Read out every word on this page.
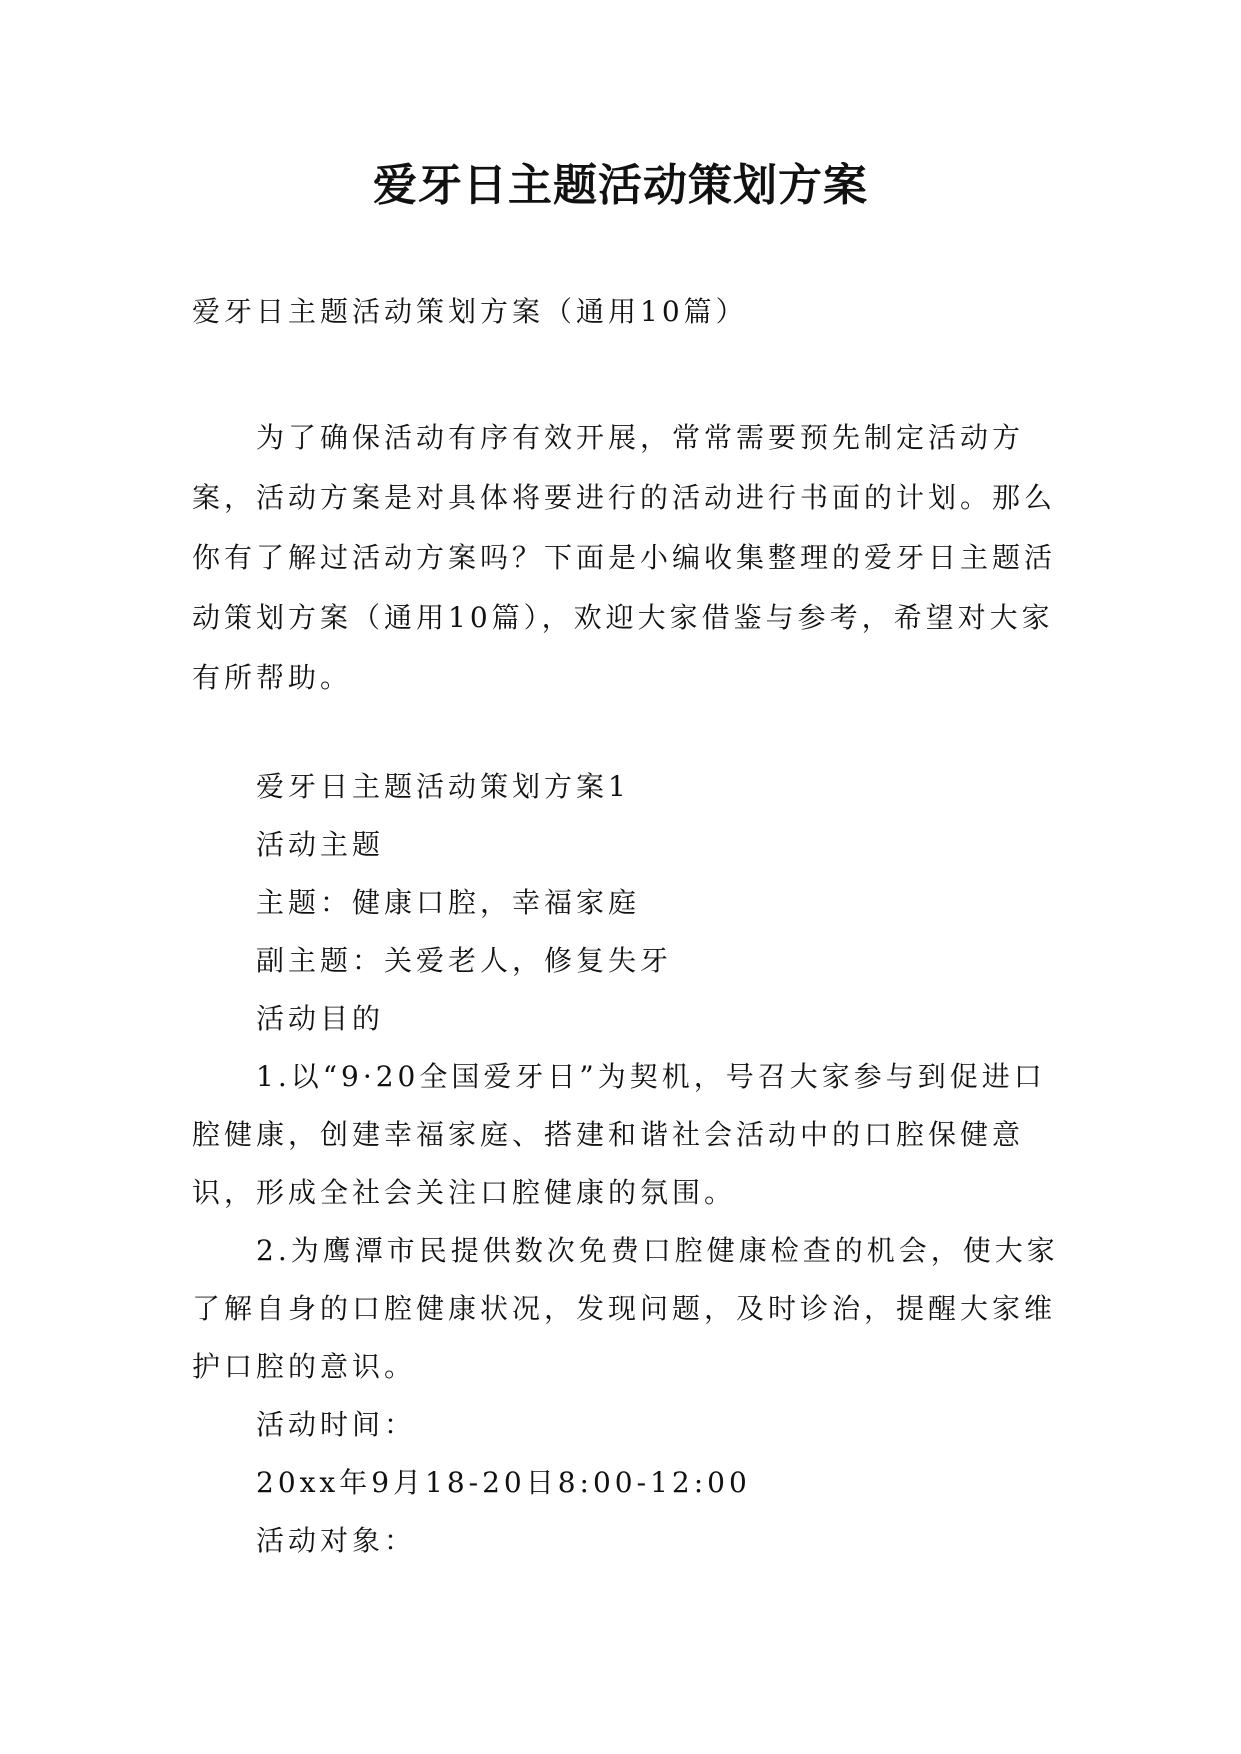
爱牙日主题活动策划方案
爱牙日主题活动策划方案（通用10篇）
为了确保活动有序有效开展，常常需要预先制定活动方案，活动方案是对具体将要进行的活动进行书面的计划。那么你有了解过活动方案吗？下面是小编收集整理的爱牙日主题活动策划方案（通用10篇），欢迎大家借鉴与参考，希望对大家有所帮助。
爱牙日主题活动策划方案1
活动主题
主题：健康口腔，幸福家庭
副主题：关爱老人，修复失牙
活动目的
1.以“9·20全国爱牙日”为契机，号召大家参与到促进口腔健康，创建幸福家庭、搭建和谐社会活动中的口腔保健意识，形成全社会关注口腔健康的氛围。
2.为鹰潭市民提供数次免费口腔健康检查的机会，使大家了解自身的口腔健康状况，发现问题，及时诊治，提醒大家维护口腔的意识。
活动时间：
20xx年9月18-20日8:00-12:00
活动对象：
